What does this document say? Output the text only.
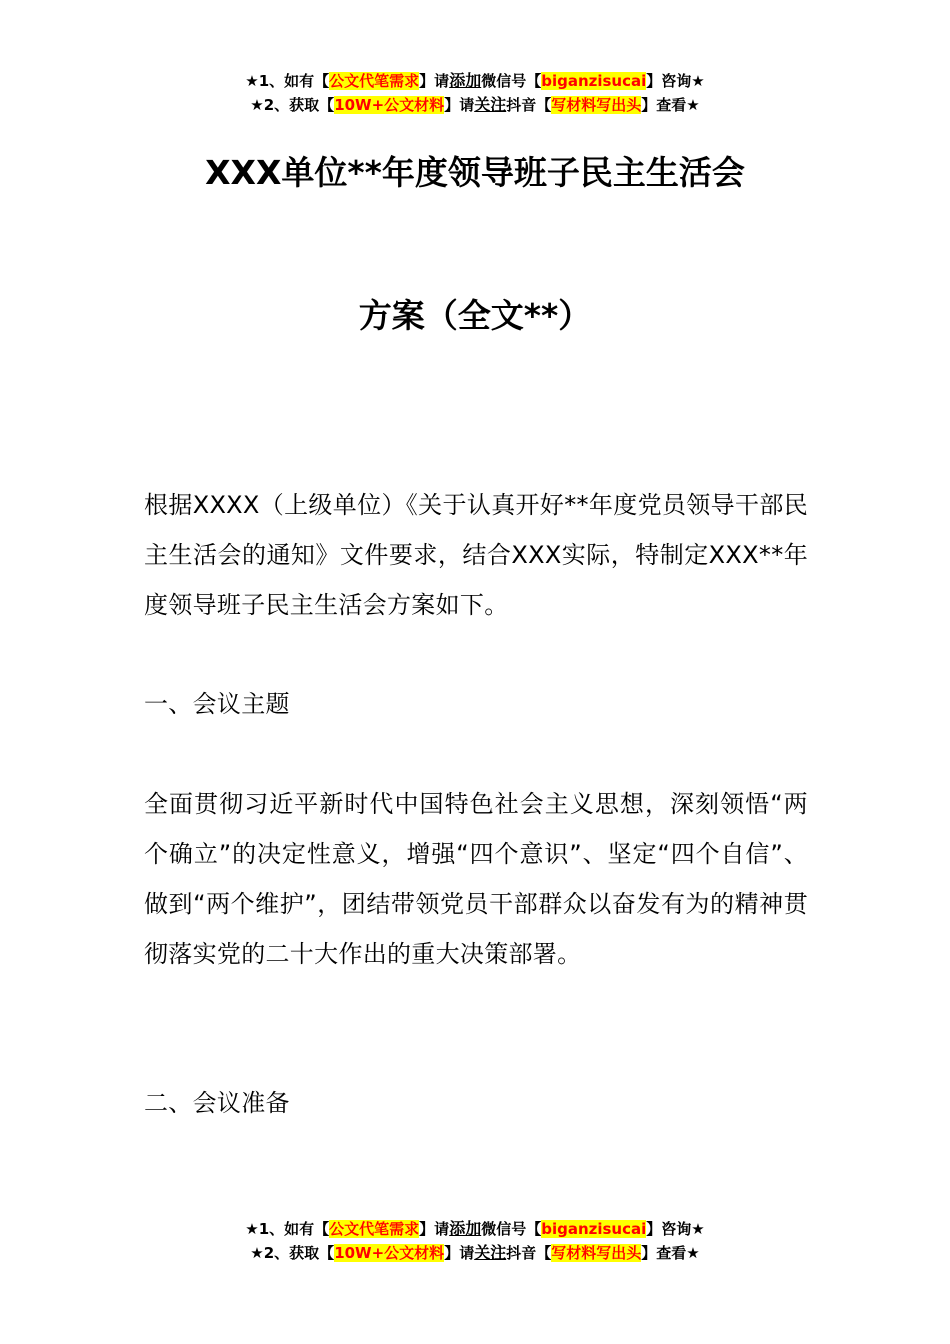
★1、如有【公文代笔需求】请添加微信号【biganzisucai】咨询★
★2、获取【10W+公文材料】请关注抖音【写材料写出头】查看★
XXX单位**年度领导班子民主生活会
方案（全文**）

根据XXXX（上级单位）《关于认真开好**年度党员领导干部民主生活会的通知》文件要求，结合XXX实际，特制定XXX**年度领导班子民主生活会方案如下。

一、会议主题

全面贯彻习近平新时代中国特色社会主义思想，深刻领悟“两个确立”的决定性意义，增强“四个意识”、坚定“四个自信”、做到“两个维护”，团结带领党员干部群众以奋发有为的精神贯彻落实党的二十大作出的重大决策部署。

二、会议准备

★1、如有【公文代笔需求】请添加微信号【biganzisucai】咨询★
★2、获取【10W+公文材料】请关注抖音【写材料写出头】查看★
